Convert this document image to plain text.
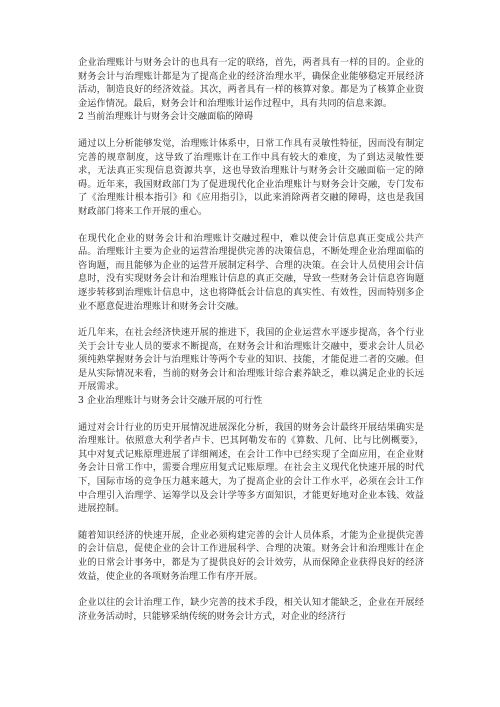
企业治理账计与财务会计的也具有一定的联络，首先，两者具有一样的目的。企业的财务会计与治理账计都是为了提高企业的经济治理水平，确保企业能够稳定开展经济活动，制造良好的经济效益。其次，两者具有一样的核算对象。都是为了核算企业资金运作情况。最后，财务会计和治理账计运作过程中，具有共同的信息来源。

2 当前治理账计与财务会计交融面临的障碍

通过以上分析能够发觉，治理账计体系中，日常工作具有灵敏性特征，因而没有制定完善的规章制度，这导致了治理账计在工作中具有较大的难度，为了到达灵敏性要求，无法真正实现信息资源共享，这也导致治理账计与财务会计交融面临一定的障碍。近年来，我国财政部门为了促进现代化企业治理账计与财务会计交融，专门发布了《治理账计根本指引》和《应用指引》，以此来消除两者交融的障碍，这也是我国财政部门将来工作开展的重心。

在现代化企业的财务会计和治理账计交融过程中，难以使会计信息真正变成公共产品。治理账计主要为企业的运营治理提供完善的决策信息，不断处理企业治理面临的咨询题，而且能够为企业的运营开展制定科学、合理的决策。在会计人员使用会计信息时，没有实现财务会计和治理账计信息的真正交融，导致一些财务会计信息咨询题逐步转移到治理账计信息中，这也将降低会计信息的真实性、有效性，因而特别多企业不愿意促进治理账计和财务会计交融。

近几年来，在社会经济快速开展的推进下，我国的企业运营水平逐步提高，各个行业关于会计专业人员的要求不断提高，在财务会计和治理账计交融中，要求会计人员必须纯熟掌握财务会计与治理账计等两个专业的知识、技能，才能促进二者的交融。但是从实际情况来看，当前的财务会计和治理账计综合素养缺乏，难以满足企业的长远开展需求。

3 企业治理账计与财务会计交融开展的可行性

通过对会计行业的历史开展情况进展深化分析，我国的财务会计最终开展结果确实是治理账计。依照意大利学者卢卡、巴其阿勒发布的《算数、几何、比与比例概要》，其中对复式记账原理进展了详细阐述，在会计工作中已经实现了全面应用，在企业财务会计日常工作中，需要合理应用复式记账原理。在社会主义现代化快速开展的时代下，国际市场的竞争压力越来越大，为了提高企业的会计工作水平，必须在会计工作中合理引入治理学、运筹学以及会计学等多方面知识，才能更好地对企业本钱、效益进展控制。

随着知识经济的快速开展，企业必须构建完善的会计人员体系，才能为企业提供完善的会计信息，促使企业的会计工作进展科学、合理的决策。财务会计和治理账计在企业的日常会计事务中，都是为了提供良好的会计效劳，从而保障企业获得良好的经济效益，使企业的各项财务治理工作有序开展。

企业以往的会计治理工作，缺少完善的技术手段，相关认知才能缺乏，企业在开展经济业务活动时，只能够采纳传统的财务会计方式，对企业的经济行
